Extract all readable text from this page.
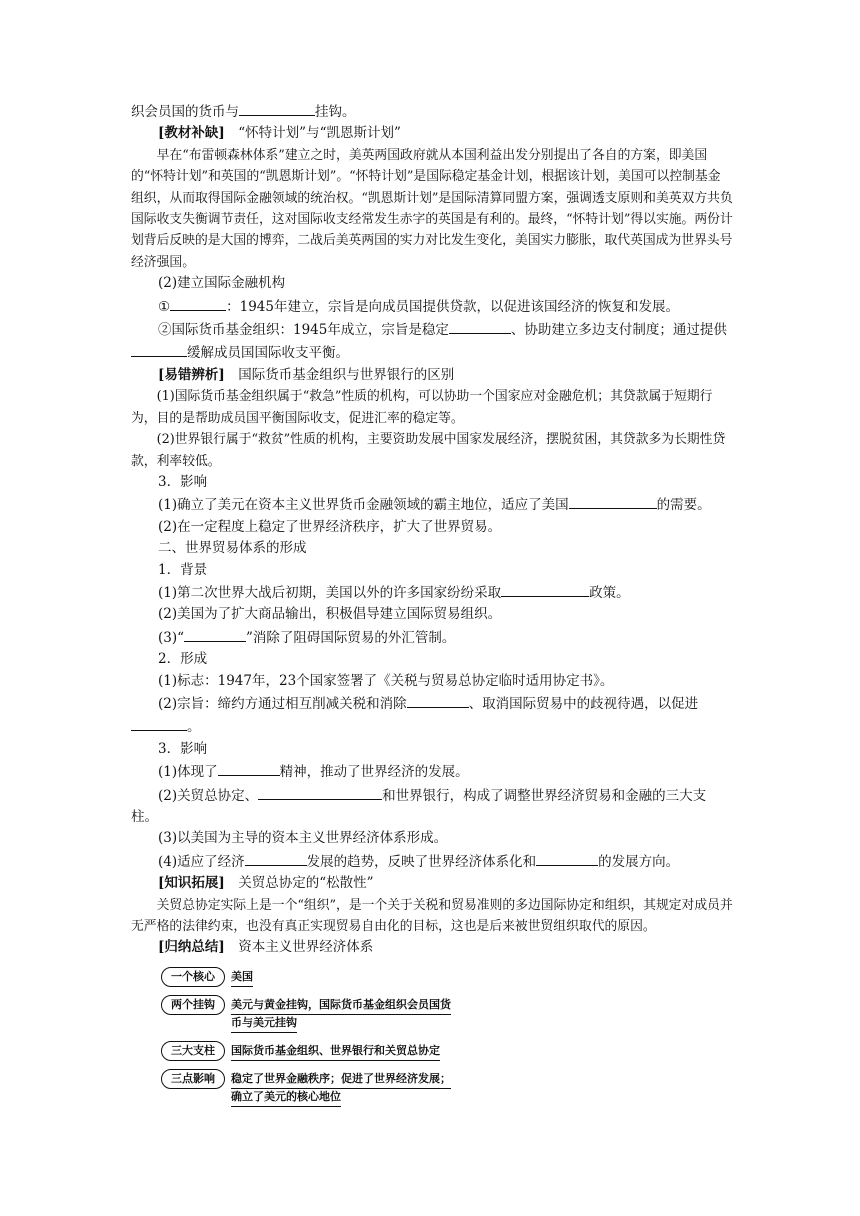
织会员国的货币与	挂钩。

[教材补缺]　 “怀特计划”与“凯恩斯计划”

早在“布雷顿森林体系”建立之时，美英两国政府就从本国利益出发分别提出了各自的方案，即美国的“怀特计划”和英国的“凯恩斯计划”。“怀特计划”是国际稳定基金计划，根据该计划，美国可以控制基金组织，从而取得国际金融领域的统治权。“凯恩斯计划”是国际清算同盟方案，强调透支原则和美英双方共负国际收支失衡调节责任，这对国际收支经常发生赤字的英国是有利的。最终，“怀特计划”得以实施。两份计划背后反映的是大国的博弈，二战后美英两国的实力对比发生变化，美国实力膨胀，取代英国成为世界头号经济强国。

(2)建立国际金融机构

①	：1945年建立，宗旨是向成员国提供贷款，以促进该国经济的恢复和发展。

②国际货币基金组织：1945年成立，宗旨是稳定	、协助建立多边支付制度；通过提供缓解成员国国际收支平衡。

[易错辨析]　 国际货币基金组织与世界银行的区别

(1)国际货币基金组织属于“救急”性质的机构，可以协助一个国家应对金融危机；其贷款属于短期行为，目的是帮助成员国平衡国际收支，促进汇率的稳定等。

(2)世界银行属于“救贫”性质的机构，主要资助发展中国家发展经济，摆脱贫困，其贷款多为长期性贷款，利率较低。

3．影响

(1)确立了美元在资本主义世界货币金融领域的霸主地位，适应了美国	的需要。

(2)在一定程度上稳定了世界经济秩序，扩大了世界贸易。

二、世界贸易体系的形成

1．背景

(1)第二次世界大战后初期，美国以外的许多国家纷纷采取	政策。

(2)美国为了扩大商品输出，积极倡导建立国际贸易组织。

(3)“	”消除了阻碍国际贸易的外汇管制。

2．形成

(1)标志：1947年，23个国家签署了《关税与贸易总协定临时适用协定书》。

(2)宗旨：缔约方通过相互削减关税和消除	、取消国际贸易中的歧视待遇，以促进。

3．影响

(1)体现了	精神，推动了世界经济的发展。

(2)关贸总协定、	和世界银行，构成了调整世界经济贸易和金融的三大支柱。

(3)以美国为主导的资本主义世界经济体系形成。

(4)适应了经济	发展的趋势，反映了世界经济体系化和	的发展方向。

[知识拓展]　 关贸总协定的“松散性”

关贸总协定实际上是一个“组织”，是一个关于关税和贸易准则的多边国际协定和组织，其规定对成员并无严格的法律约束，也没有真正实现贸易自由化的目标，这也是后来被世贸组织取代的原因。

[归纳总结]　 资本主义世界经济体系

一个核心	美国
两个挂钩	美元与黄金挂钩，国际货币基金组织会员国货
币与美元挂钩
三大支柱	国际货币基金组织、世界银行和关贸总协定
三点影响	稳定了世界金融秩序；促进了世界经济发展；
确立了美元的核心地位
